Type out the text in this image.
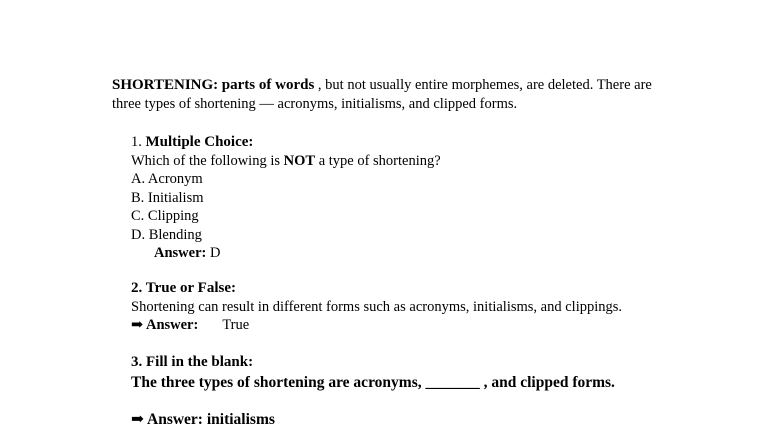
SHORTENING: parts of words , but not usually entire morphemes, are deleted. There are
three types of shortening — acronyms, initialisms, and clipped forms.
1. Multiple Choice:
Which of the following is NOT a type of shortening?
A. Acronym
B. Initialism
C. Clipping
D. Blending
Answer: D
2. True or False:
Shortening can result in different forms such as acronyms, initialisms, and clippings.
➡ Answer: True
3. Fill in the blank:
The three types of shortening are acronyms, _______ , and clipped forms.
➡ Answer: initialisms
